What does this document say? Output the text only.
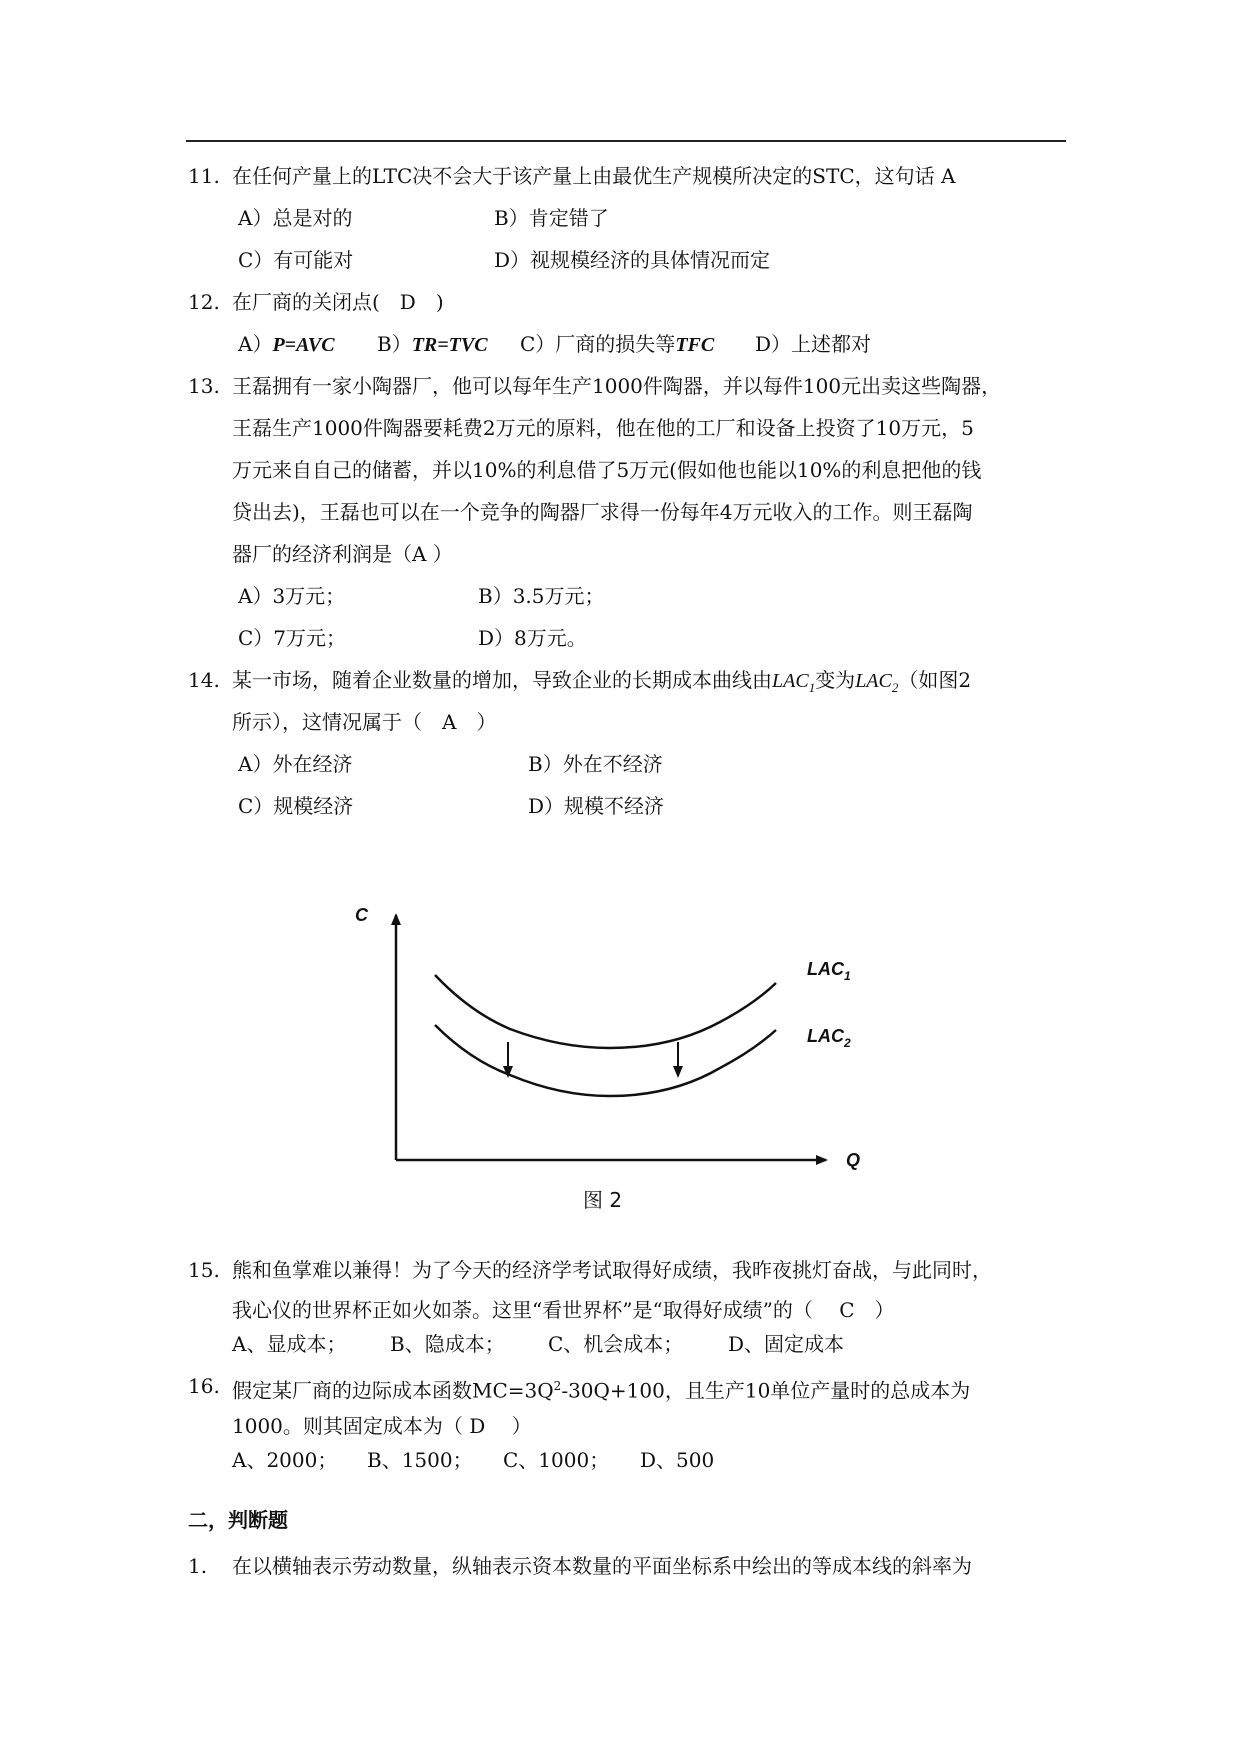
11. 在任何产量上的LTC决不会大于该产量上由最优生产规模所决定的STC，这句话 A
A）总是对的	B）肯定错了
C）有可能对	D）视规模经济的具体情况而定
12. 在厂商的关闭点(　D　)
A）P=AVC B）TR=TVC C）厂商的损失等TFC D）上述都对
13. 王磊拥有一家小陶器厂，他可以每年生产1000件陶器，并以每件100元出卖这些陶器，
王磊生产1000件陶器要耗费2万元的原料，他在他的工厂和设备上投资了10万元，5
万元来自自己的储蓄，并以10%的利息借了5万元(假如他也能以10%的利息把他的钱
贷出去)，王磊也可以在一个竞争的陶器厂求得一份每年4万元收入的工作。则王磊陶
器厂的经济利润是（A ）
A）3万元；	B）3.5万元；
C）7万元；	D）8万元。
14. 某一市场，随着企业数量的增加，导致企业的长期成本曲线由$LAC_1$变为$LAC_2$（如图2
所示），这情况属于（　A　）
A）外在经济	B）外在不经济
C）规模经济	D）规模不经济
C
Q
$LAC_1$
$LAC_2$
图 2
15. 熊和鱼掌难以兼得！为了今天的经济学考试取得好成绩，我昨夜挑灯奋战，与此同时，
我心仪的世界杯正如火如荼。这里“看世界杯”是“取得好成绩”的（　 C　）
A、显成本； B、隐成本； C、机会成本； D、固定成本
16. 假定某厂商的边际成本函数$MC=3Q^2-30Q+100$，且生产10单位产量时的总成本为
1000。则其固定成本为（ D　 ）
A、2000； B、1500； C、1000； D、500
二，判断题
1. 在以横轴表示劳动数量，纵轴表示资本数量的平面坐标系中绘出的等成本线的斜率为
